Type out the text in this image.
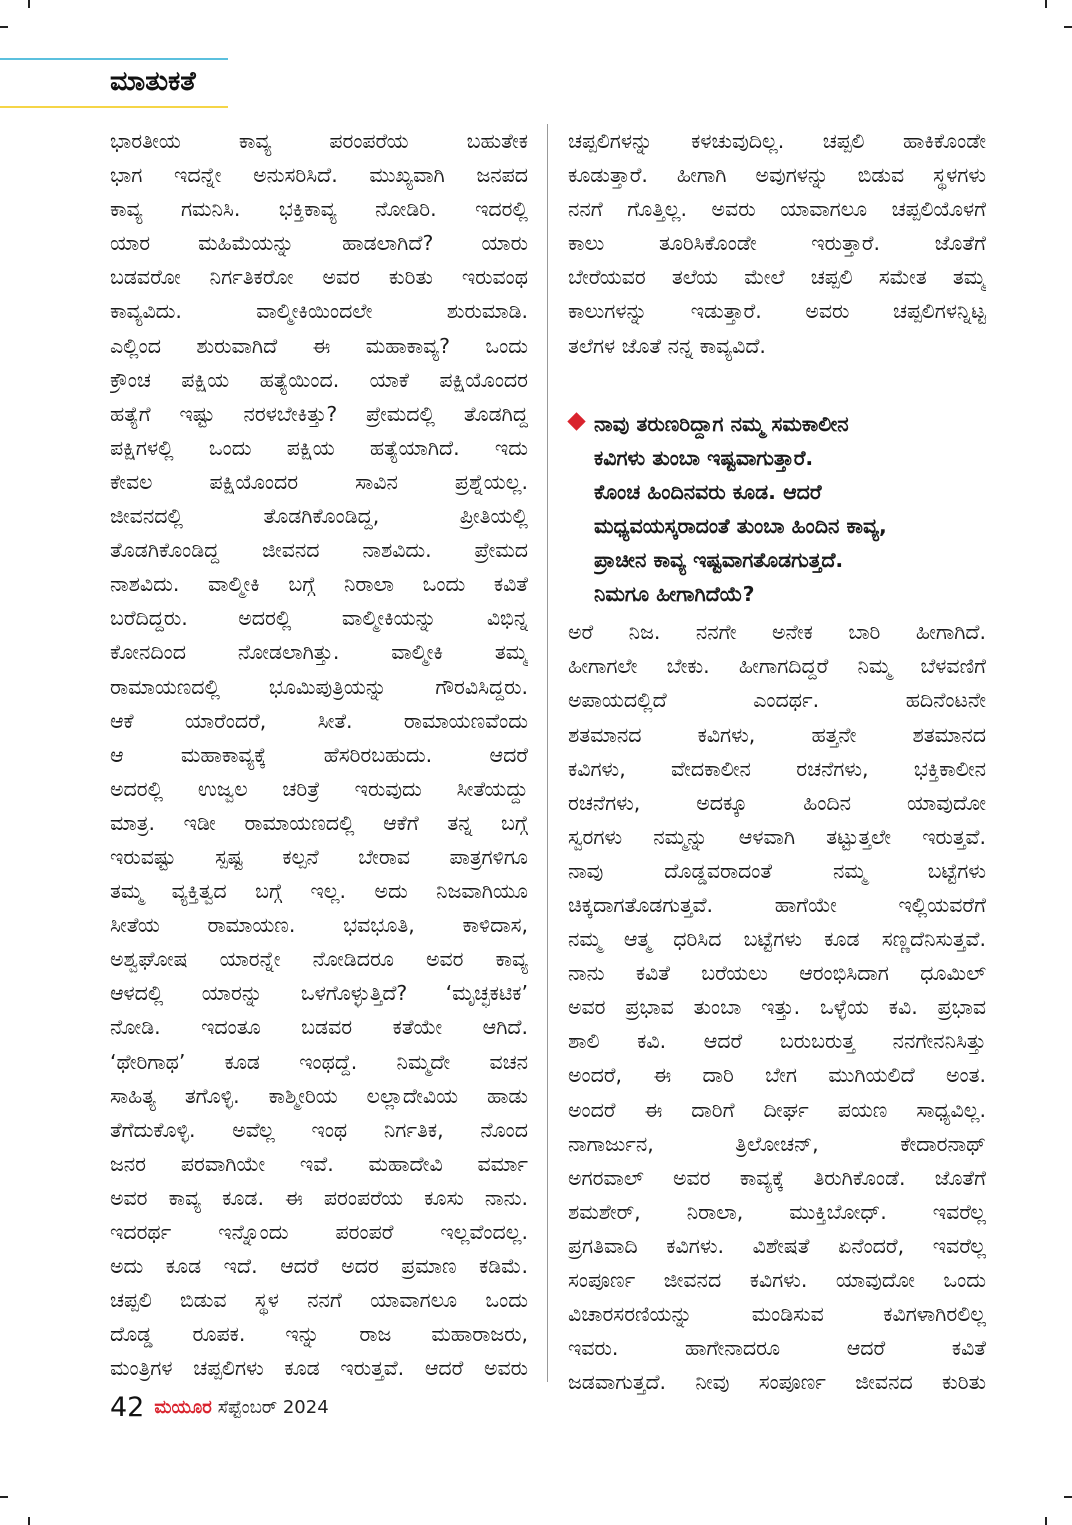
ಮಾತುಕತೆ
ಭಾರತೀಯ ಕಾವ್ಯ ಪರಂಪರೆಯ ಬಹುತೇಕ
ಭಾಗ ಇದನ್ನೇ ಅನುಸರಿಸಿದೆ. ಮುಖ್ಯವಾಗಿ ಜನಪದ
ಕಾವ್ಯ ಗಮನಿಸಿ. ಭಕ್ತಿಕಾವ್ಯ ನೋಡಿರಿ. ಇದರಲ್ಲಿ
ಯಾರ ಮಹಿಮೆಯನ್ನು ಹಾಡಲಾಗಿದೆ? ಯಾರು
ಬಡವರೋ ನಿರ್ಗತಿಕರೋ ಅವರ ಕುರಿತು ಇರುವಂಥ
ಕಾವ್ಯವಿದು. ವಾಲ್ಮೀಕಿಯಿಂದಲೇ ಶುರುಮಾಡಿ.
ಎಲ್ಲಿಂದ ಶುರುವಾಗಿದೆ ಈ ಮಹಾಕಾವ್ಯ? ಒಂದು
ಕ್ರೌಂಚ ಪಕ್ಷಿಯ ಹತ್ಯೆಯಿಂದ. ಯಾಕೆ ಪಕ್ಷಿಯೊಂದರ
ಹತ್ಯೆಗೆ ಇಷ್ಟು ನರಳಬೇಕಿತ್ತು? ಪ್ರೇಮದಲ್ಲಿ ತೊಡಗಿದ್ದ
ಪಕ್ಷಿಗಳಲ್ಲಿ ಒಂದು ಪಕ್ಷಿಯ ಹತ್ಯೆಯಾಗಿದೆ. ಇದು
ಕೇವಲ ಪಕ್ಷಿಯೊಂದರ ಸಾವಿನ ಪ್ರಶ್ನೆಯಲ್ಲ.
ಜೀವನದಲ್ಲಿ ತೊಡಗಿಕೊಂಡಿದ್ದ, ಪ್ರೀತಿಯಲ್ಲಿ
ತೊಡಗಿಕೊಂಡಿದ್ದ ಜೀವನದ ನಾಶವಿದು. ಪ್ರೇಮದ
ನಾಶವಿದು. ವಾಲ್ಮೀಕಿ ಬಗ್ಗೆ ನಿರಾಲಾ ಒಂದು ಕವಿತೆ
ಬರೆದಿದ್ದರು. ಅದರಲ್ಲಿ ವಾಲ್ಮೀಕಿಯನ್ನು ವಿಭಿನ್ನ
ಕೋನದಿಂದ ನೋಡಲಾಗಿತ್ತು. ವಾಲ್ಮೀಕಿ ತಮ್ಮ
ರಾಮಾಯಣದಲ್ಲಿ ಭೂಮಿಪುತ್ರಿಯನ್ನು ಗೌರವಿಸಿದ್ದರು.
ಆಕೆ ಯಾರೆಂದರೆ, ಸೀತೆ. ರಾಮಾಯಣವೆಂದು
ಆ ಮಹಾಕಾವ್ಯಕ್ಕೆ ಹೆಸರಿರಬಹುದು. ಆದರೆ
ಅದರಲ್ಲಿ ಉಜ್ವಲ ಚರಿತ್ರೆ ಇರುವುದು ಸೀತೆಯದ್ದು
ಮಾತ್ರ. ಇಡೀ ರಾಮಾಯಣದಲ್ಲಿ ಆಕೆಗೆ ತನ್ನ ಬಗ್ಗೆ
ಇರುವಷ್ಟು ಸ್ಪಷ್ಟ ಕಲ್ಪನೆ ಬೇರಾವ ಪಾತ್ರಗಳಿಗೂ
ತಮ್ಮ ವ್ಯಕ್ತಿತ್ವದ ಬಗ್ಗೆ ಇಲ್ಲ. ಅದು ನಿಜವಾಗಿಯೂ
ಸೀತೆಯ ರಾಮಾಯಣ. ಭವಭೂತಿ, ಕಾಳಿದಾಸ,
ಅಶ್ವಘೋಷ ಯಾರನ್ನೇ ನೋಡಿದರೂ ಅವರ ಕಾವ್ಯ
ಆಳದಲ್ಲಿ ಯಾರನ್ನು ಒಳಗೊಳ್ಳುತ್ತಿದೆ? ‘ಮೃಚ್ಛಕಟಿಕ’
ನೋಡಿ. ಇದಂತೂ ಬಡವರ ಕತೆಯೇ ಆಗಿದೆ.
‘ಥೇರಿಗಾಥ’ ಕೂಡ ಇಂಥದ್ದೆ. ನಿಮ್ಮದೇ ವಚನ
ಸಾಹಿತ್ಯ ತಗೊಳ್ಳಿ. ಕಾಶ್ಮೀರಿಯ ಲಲ್ಲಾದೇವಿಯ ಹಾಡು
ತೆಗೆದುಕೊಳ್ಳಿ. ಅವೆಲ್ಲ ಇಂಥ ನಿರ್ಗತಿಕ, ನೊಂದ
ಜನರ ಪರವಾಗಿಯೇ ಇವೆ. ಮಹಾದೇವಿ ವರ್ಮಾ
ಅವರ ಕಾವ್ಯ ಕೂಡ. ಈ ಪರಂಪರೆಯ ಕೂಸು ನಾನು.
ಇದರರ್ಥ ಇನ್ನೊಂದು ಪರಂಪರೆ ಇಲ್ಲವೆಂದಲ್ಲ.
ಅದು ಕೂಡ ಇದೆ. ಆದರೆ ಅದರ ಪ್ರಮಾಣ ಕಡಿಮೆ.
ಚಪ್ಪಲಿ ಬಿಡುವ ಸ್ಥಳ ನನಗೆ ಯಾವಾಗಲೂ ಒಂದು
ದೊಡ್ಡ ರೂಪಕ. ಇನ್ನು ರಾಜ ಮಹಾರಾಜರು,
ಮಂತ್ರಿಗಳ ಚಪ್ಪಲಿಗಳು ಕೂಡ ಇರುತ್ತವೆ. ಆದರೆ ಅವರು
ಚಪ್ಪಲಿಗಳನ್ನು ಕಳಚುವುದಿಲ್ಲ. ಚಪ್ಪಲಿ ಹಾಕಿಕೊಂಡೇ
ಕೂಡುತ್ತಾರೆ. ಹೀಗಾಗಿ ಅವುಗಳನ್ನು ಬಿಡುವ ಸ್ಥಳಗಳು
ನನಗೆ ಗೊತ್ತಿಲ್ಲ. ಅವರು ಯಾವಾಗಲೂ ಚಪ್ಪಲಿಯೊಳಗೆ
ಕಾಲು ತೂರಿಸಿಕೊಂಡೇ ಇರುತ್ತಾರೆ. ಜೊತೆಗೆ
ಬೇರೆಯವರ ತಲೆಯ ಮೇಲೆ ಚಪ್ಪಲಿ ಸಮೇತ ತಮ್ಮ
ಕಾಲುಗಳನ್ನು ಇಡುತ್ತಾರೆ. ಅವರು ಚಪ್ಪಲಿಗಳನ್ನಿಟ್ಟ
ತಲೆಗಳ ಜೊತೆ ನನ್ನ ಕಾವ್ಯವಿದೆ.
ನಾವು ತರುಣರಿದ್ದಾಗ ನಮ್ಮ ಸಮಕಾಲೀನ
ಕವಿಗಳು ತುಂಬಾ ಇಷ್ಟವಾಗುತ್ತಾರೆ.
ಕೊಂಚ ಹಿಂದಿನವರು ಕೂಡ. ಆದರೆ
ಮಧ್ಯವಯಸ್ಕರಾದಂತೆ ತುಂಬಾ ಹಿಂದಿನ ಕಾವ್ಯ,
ಪ್ರಾಚೀನ ಕಾವ್ಯ ಇಷ್ಟವಾಗತೊಡಗುತ್ತದೆ.
ನಿಮಗೂ ಹೀಗಾಗಿದೆಯೆ?
ಅರೆ ನಿಜ. ನನಗೇ ಅನೇಕ ಬಾರಿ ಹೀಗಾಗಿದೆ.
ಹೀಗಾಗಲೇ ಬೇಕು. ಹೀಗಾಗದಿದ್ದರೆ ನಿಮ್ಮ ಬೆಳವಣಿಗೆ
ಅಪಾಯದಲ್ಲಿದೆ ಎಂದರ್ಥ. ಹದಿನೆಂಟನೇ
ಶತಮಾನದ ಕವಿಗಳು, ಹತ್ತನೇ ಶತಮಾನದ
ಕವಿಗಳು, ವೇದಕಾಲೀನ ರಚನೆಗಳು, ಭಕ್ತಿಕಾಲೀನ
ರಚನೆಗಳು, ಅದಕ್ಕೂ ಹಿಂದಿನ ಯಾವುದೋ
ಸ್ವರಗಳು ನಮ್ಮನ್ನು ಆಳವಾಗಿ ತಟ್ಟುತ್ತಲೇ ಇರುತ್ತವೆ.
ನಾವು ದೊಡ್ಡವರಾದಂತೆ ನಮ್ಮ ಬಟ್ಟೆಗಳು
ಚಿಕ್ಕದಾಗತೊಡಗುತ್ತವೆ. ಹಾಗೆಯೇ ಇಲ್ಲಿಯವರೆಗೆ
ನಮ್ಮ ಆತ್ಮ ಧರಿಸಿದ ಬಟ್ಟೆಗಳು ಕೂಡ ಸಣ್ಣದೆನಿಸುತ್ತವೆ.
ನಾನು ಕವಿತೆ ಬರೆಯಲು ಆರಂಭಿಸಿದಾಗ ಧೂಮಿಲ್
ಅವರ ಪ್ರಭಾವ ತುಂಬಾ ಇತ್ತು. ಒಳ್ಳೆಯ ಕವಿ. ಪ್ರಭಾವ
ಶಾಲಿ ಕವಿ. ಆದರೆ ಬರುಬರುತ್ತ ನನಗೇನನಿಸಿತ್ತು
ಅಂದರೆ, ಈ ದಾರಿ ಬೇಗ ಮುಗಿಯಲಿದೆ ಅಂತ.
ಅಂದರೆ ಈ ದಾರಿಗೆ ದೀರ್ಘ ಪಯಣ ಸಾಧ್ಯವಿಲ್ಲ.
ನಾಗಾರ್ಜುನ, ತ್ರಿಲೋಚನ್, ಕೇದಾರನಾಥ್
ಅಗರವಾಲ್ ಅವರ ಕಾವ್ಯಕ್ಕೆ ತಿರುಗಿಕೊಂಡೆ. ಜೊತೆಗೆ
ಶಮಶೇರ್, ನಿರಾಲಾ, ಮುಕ್ತಿಬೋಧ್. ಇವರೆಲ್ಲ
ಪ್ರಗತಿವಾದಿ ಕವಿಗಳು. ವಿಶೇಷತೆ ಏನೆಂದರೆ, ಇವರೆಲ್ಲ
ಸಂಪೂರ್ಣ ಜೀವನದ ಕವಿಗಳು. ಯಾವುದೋ ಒಂದು
ವಿಚಾರಸರಣಿಯನ್ನು ಮಂಡಿಸುವ ಕವಿಗಳಾಗಿರಲಿಲ್ಲ
ಇವರು. ಹಾಗೇನಾದರೂ ಆದರೆ ಕವಿತೆ
ಜಡವಾಗುತ್ತದೆ. ನೀವು ಸಂಪೂರ್ಣ ಜೀವನದ ಕುರಿತು
42 ಮಯೂರ ಸೆಪ್ಟೆಂಬರ್ 2024
